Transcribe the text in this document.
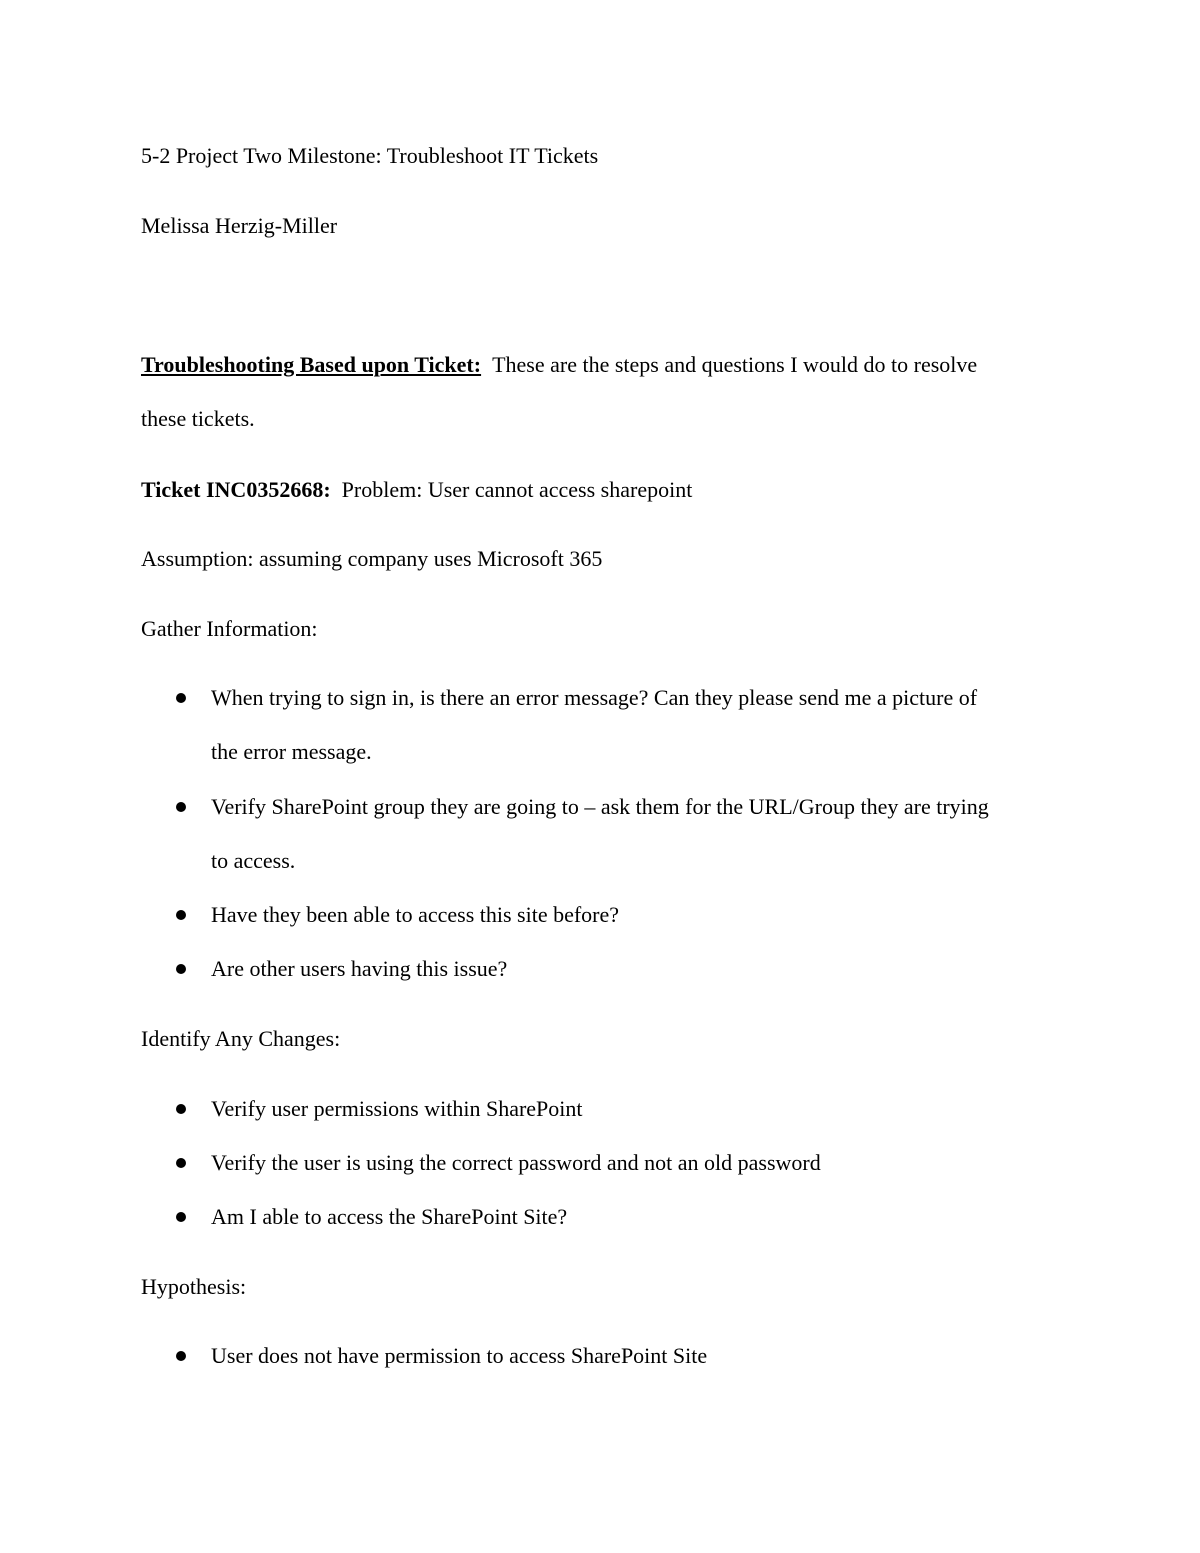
5-2 Project Two Milestone: Troubleshoot IT Tickets
Melissa Herzig-Miller
Troubleshooting Based upon Ticket: These are the steps and questions I would do to resolve
these tickets.
Ticket INC0352668: Problem: User cannot access sharepoint
Assumption: assuming company uses Microsoft 365
Gather Information:
When trying to sign in, is there an error message? Can they please send me a picture of
the error message.
Verify SharePoint group they are going to – ask them for the URL/Group they are trying
to access.
Have they been able to access this site before?
Are other users having this issue?
Identify Any Changes:
Verify user permissions within SharePoint
Verify the user is using the correct password and not an old password
Am I able to access the SharePoint Site?
Hypothesis:
User does not have permission to access SharePoint Site
